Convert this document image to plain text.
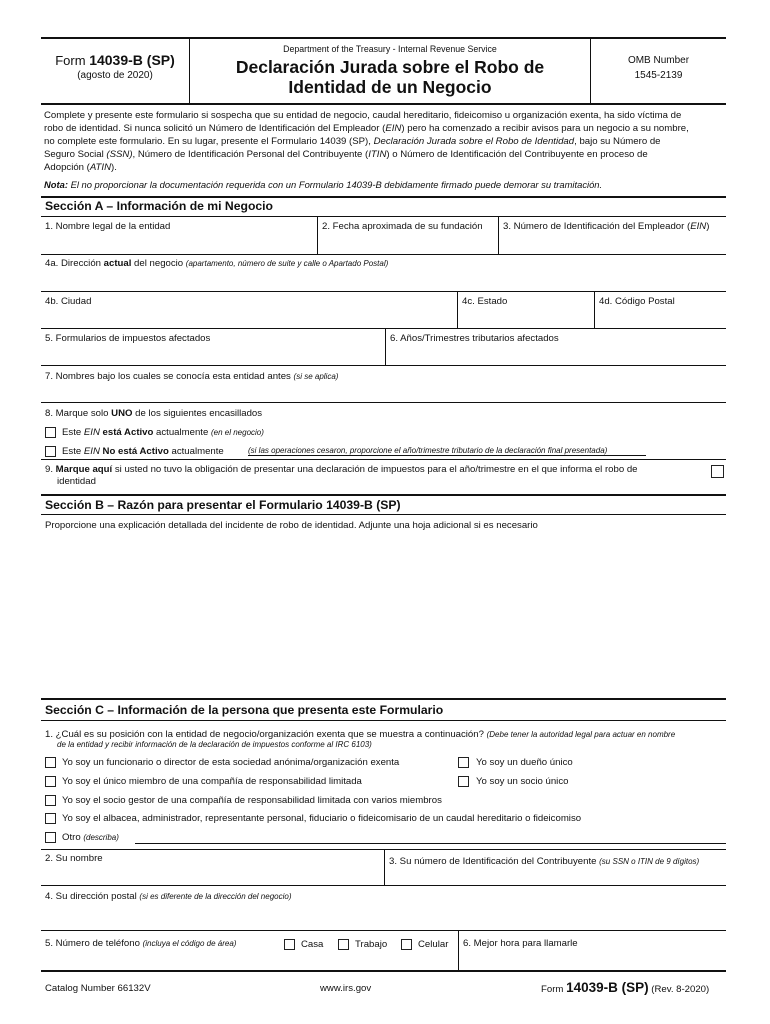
Form 14039-B (SP)
(agosto de 2020)
Department of the Treasury - Internal Revenue Service
Declaración Jurada sobre el Robo de
Identidad de un Negocio
OMB Number
1545-2139
Complete y presente este formulario si sospecha que su entidad de negocio, caudal hereditario, fideicomiso u organización exenta, ha sido víctima de
robo de identidad. Si nunca solicitó un Número de Identificación del Empleador (EIN) pero ha comenzado a recibir avisos para un negocio a su nombre,
no complete este formulario. En su lugar, presente el Formulario 14039 (SP), Declaración Jurada sobre el Robo de Identidad, bajo su Número de
Seguro Social (SSN), Número de Identificación Personal del Contribuyente (ITIN) o Número de Identificación del Contribuyente en proceso de
Adopción (ATIN).
Nota: El no proporcionar la documentación requerida con un Formulario 14039-B debidamente firmado puede demorar su tramitación.
Sección A – Información de mi Negocio
1. Nombre legal de la entidad	2. Fecha aproximada de su fundación 3. Número de Identificación del Empleador (EIN)
4a. Dirección actual del negocio (apartamento, número de suite y calle o Apartado Postal)
4b. Ciudad	4c. Estado	4d. Código Postal
5. Formularios de impuestos afectados	6. Años/Trimestres tributarios afectados
7. Nombres bajo los cuales se conocía esta entidad antes (si se aplica)
8. Marque solo UNO de los siguientes encasillados
Este EIN está Activo actualmente (en el negocio)
Este EIN No está Activo actualmente	(si las operaciones cesaron, proporcione el año/trimestre tributario de la declaración final presentada)
9. Marque aquí si usted no tuvo la obligación de presentar una declaración de impuestos para el año/trimestre en el que informa el robo de
identidad
Sección B – Razón para presentar el Formulario 14039-B (SP)
Proporcione una explicación detallada del incidente de robo de identidad. Adjunte una hoja adicional si es necesario
Sección C – Información de la persona que presenta este Formulario
1. ¿Cuál es su posición con la entidad de negocio/organización exenta que se muestra a continuación? (Debe tener la autoridad legal para actuar en nombre
de la entidad y recibir información de la declaración de impuestos conforme al IRC 6103)
Yo soy un funcionario o director de esta sociedad anónima/organización exenta	Yo soy un dueño único
Yo soy el único miembro de una compañía de responsabilidad limitada	Yo soy un socio único
Yo soy el socio gestor de una compañía de responsabilidad limitada con varios miembros
Yo soy el albacea, administrador, representante personal, fiduciario o fideicomisario de un caudal hereditario o fideicomiso
Otro (describa)
2. Su nombre	3. Su número de Identificación del Contribuyente (su SSN o ITIN de 9 dígitos)
4. Su dirección postal (si es diferente de la dirección del negocio)
5. Número de teléfono (incluya el código de área)	Casa	Trabajo	Celular 6. Mejor hora para llamarle
Catalog Number 66132V	www.irs.gov	Form 14039-B (SP) (Rev. 8-2020)
